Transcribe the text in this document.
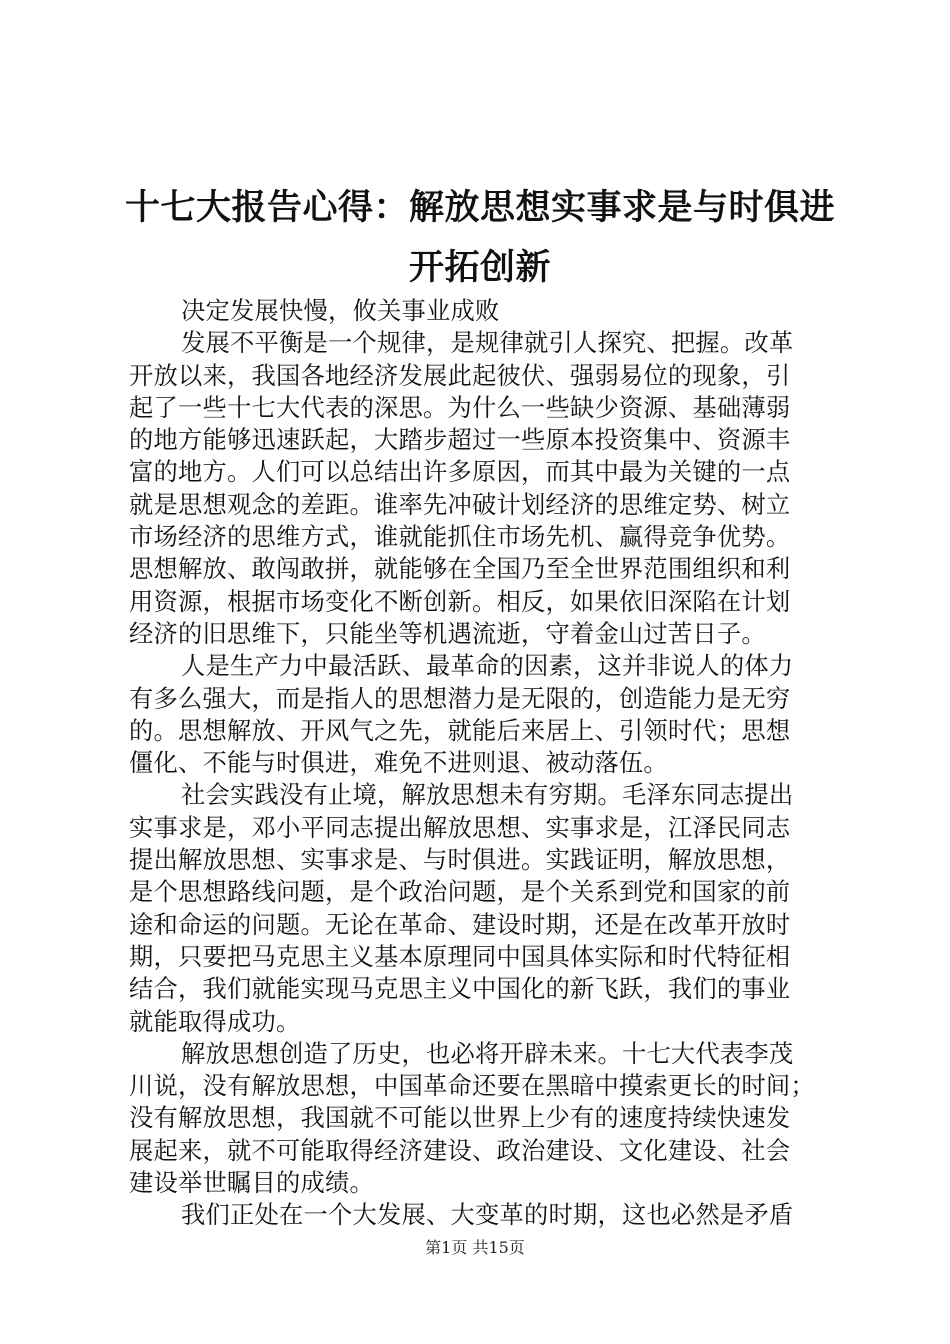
十七大报告心得：解放思想实事求是与时俱进
开拓创新
决定发展快慢，攸关事业成败
发展不平衡是一个规律，是规律就引人探究、把握。改革
开放以来，我国各地经济发展此起彼伏、强弱易位的现象，引
起了一些十七大代表的深思。为什么一些缺少资源、基础薄弱
的地方能够迅速跃起，大踏步超过一些原本投资集中、资源丰
富的地方。人们可以总结出许多原因，而其中最为关键的一点
就是思想观念的差距。谁率先冲破计划经济的思维定势、树立
市场经济的思维方式，谁就能抓住市场先机、赢得竞争优势。
思想解放、敢闯敢拼，就能够在全国乃至全世界范围组织和利
用资源，根据市场变化不断创新。相反，如果依旧深陷在计划
经济的旧思维下，只能坐等机遇流逝，守着金山过苦日子。
人是生产力中最活跃、最革命的因素，这并非说人的体力
有多么强大，而是指人的思想潜力是无限的，创造能力是无穷
的。思想解放、开风气之先，就能后来居上、引领时代；思想
僵化、不能与时俱进，难免不进则退、被动落伍。
社会实践没有止境，解放思想未有穷期。毛泽东同志提出
实事求是，邓小平同志提出解放思想、实事求是，江泽民同志
提出解放思想、实事求是、与时俱进。实践证明，解放思想，
是个思想路线问题，是个政治问题，是个关系到党和国家的前
途和命运的问题。无论在革命、建设时期，还是在改革开放时
期，只要把马克思主义基本原理同中国具体实际和时代特征相
结合，我们就能实现马克思主义中国化的新飞跃，我们的事业
就能取得成功。
解放思想创造了历史，也必将开辟未来。十七大代表李茂
川说，没有解放思想，中国革命还要在黑暗中摸索更长的时间；
没有解放思想，我国就不可能以世界上少有的速度持续快速发
展起来，就不可能取得经济建设、政治建设、文化建设、社会
建设举世瞩目的成绩。
我们正处在一个大发展、大变革的时期，这也必然是矛盾
第1页 共15页
